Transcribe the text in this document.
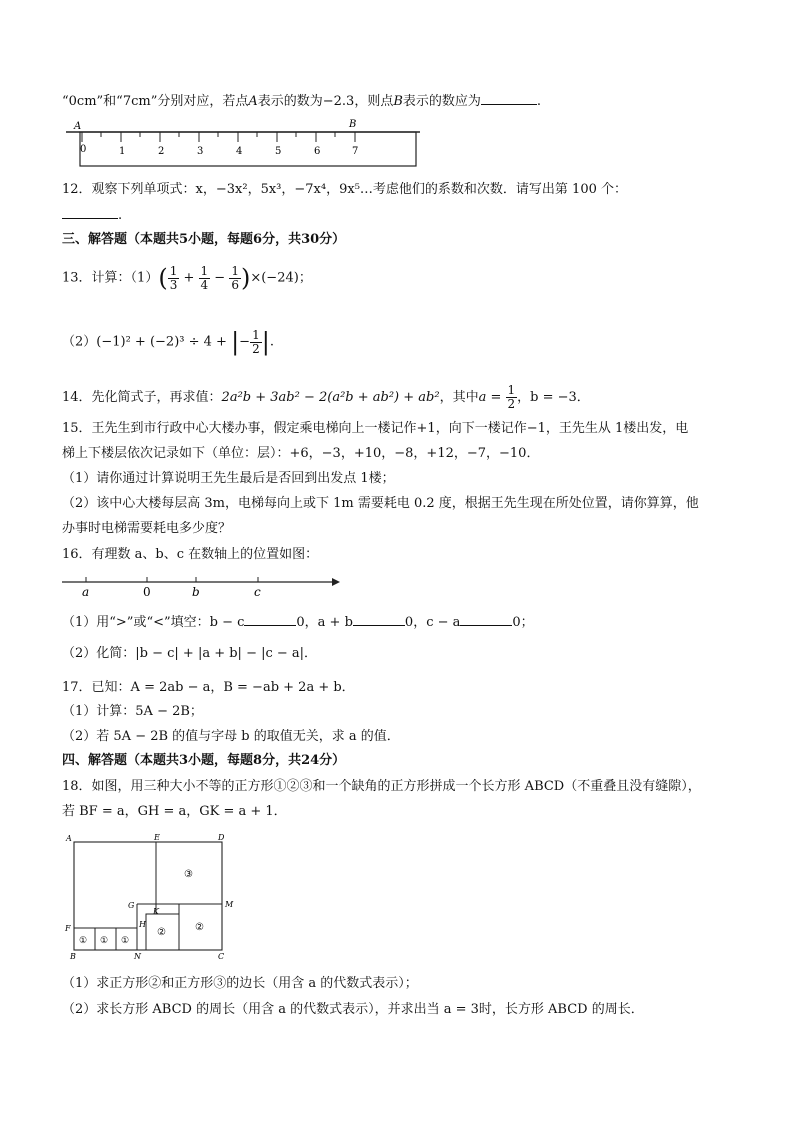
“0cm”和“7cm”分别对应，若点A表示的数为−2.3，则点B表示的数应为	.
A	B
0	1	2	3	4	5	6	7
12．观察下列单项式：x，−3x²，5x³，−7x⁴，9x⁵…考虑他们的系数和次数．请写出第 100 个：
.
三、解答题（本题共5小题，每题6分，共30分）
13．计算：$(1)( \frac{1}{3} + \frac{1}{4} - \frac{1}{6} )\times(-24)$；
（2）(−1)² + (−2)³ ÷ 4 + |− $\frac{1}{2}$ |.
14．先化简式子，再求值：2a²b + 3ab² − 2(a²b + ab²) + ab²，其中$a = \frac{1}{2}$ ，b = −3．
15．王先生到市行政中心大楼办事，假定乘电梯向上一楼记作+1，向下一楼记作−1，王先生从 1楼出发，电
梯上下楼层依次记录如下（单位：层）：+6，−3，+10，−8，+12，−7，−10．
（1）请你通过计算说明王先生最后是否回到出发点 1楼；
（2）该中心大楼每层高 3m，电梯每向上或下 1m 需要耗电 0.2 度，根据王先生现在所处位置，请你算算，他
办事时电梯需要耗电多少度？
16．有理数 a、b、c 在数轴上的位置如图：
a	0	b	c
（1）用“>”或“<”填空：b − c	0，a + b	0，c − a	0；
（2）化简：|b − c| + |a + b| − |c − a|．
17．已知：A = 2ab − a，B = −ab + 2a + b．
（1）计算：5A − 2B；
（2）若 5A − 2B 的值与字母 b 的取值无关，求 a 的值．
四、解答题（本题共3小题，每题8分，共24分）
18．如图，用三种大小不等的正方形①②③和一个缺角的正方形拼成一个长方形 ABCD（不重叠且没有缝隙），
若 BF = a，GH = a，GK = a + 1．
A	E	D
G	M
K
F	H
B	N	C
③
②
②
① ① ①
（1）求正方形②和正方形③的边长（用含 a 的代数式表示）；
（2）求长方形 ABCD 的周长（用含 a 的代数式表示），并求出当 a = 3时，长方形 ABCD 的周长．
